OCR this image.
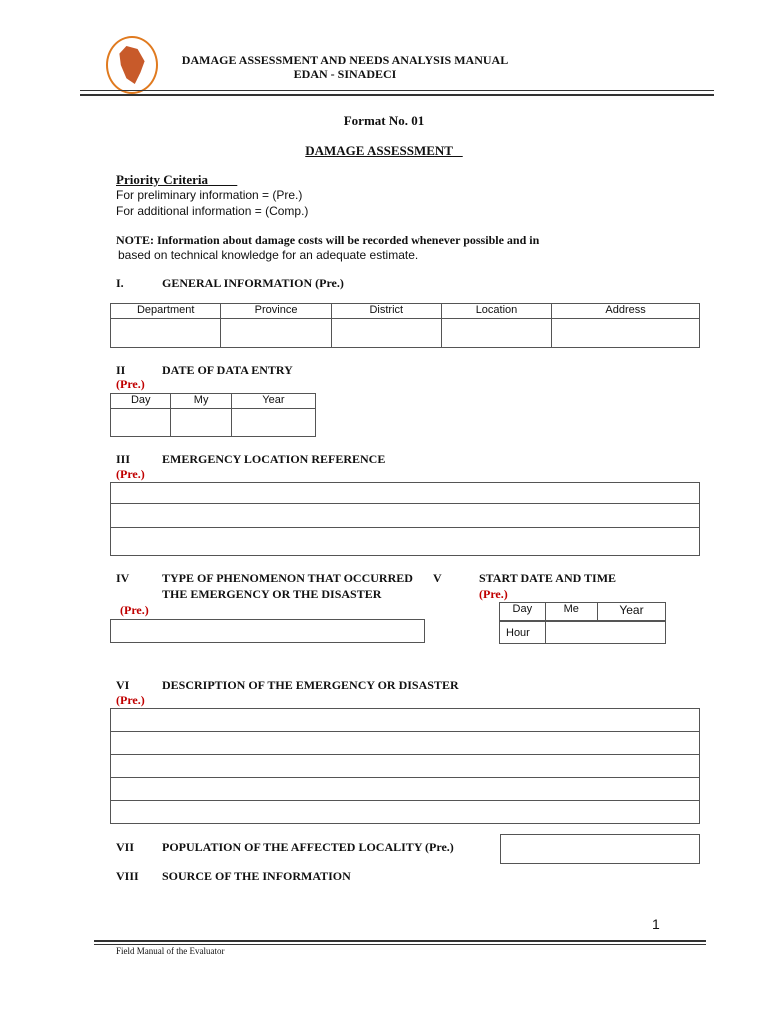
DAMAGE ASSESSMENT AND NEEDS ANALYSIS MANUAL
EDAN - SINADECI
Format No. 01
DAMAGE ASSESSMENT
Priority Criteria
For preliminary information = (Pre.)
For additional information = (Comp.)
NOTE: Information about damage costs will be recorded whenever possible and in
based on technical knowledge for an adequate estimate.
I.	GENERAL INFORMATION (Pre.)
Department	Province	District	Location	Address

II	DATE OF DATA ENTRY
(Pre.)
Day	My	Year

III	EMERGENCY LOCATION REFERENCE
(Pre.)

IV	TYPE OF PHENOMENON THAT OCCURRED
THE EMERGENCY OR THE DISASTER
(Pre.)
V	START DATE AND TIME
(Pre.)
Day	Me	Year

Hour		
VI	DESCRIPTION OF THE EMERGENCY OR DISASTER
(Pre.)

VII POPULATION OF THE AFFECTED LOCALITY (Pre.)
VIII SOURCE OF THE INFORMATION
1
Field Manual of the Evaluator
